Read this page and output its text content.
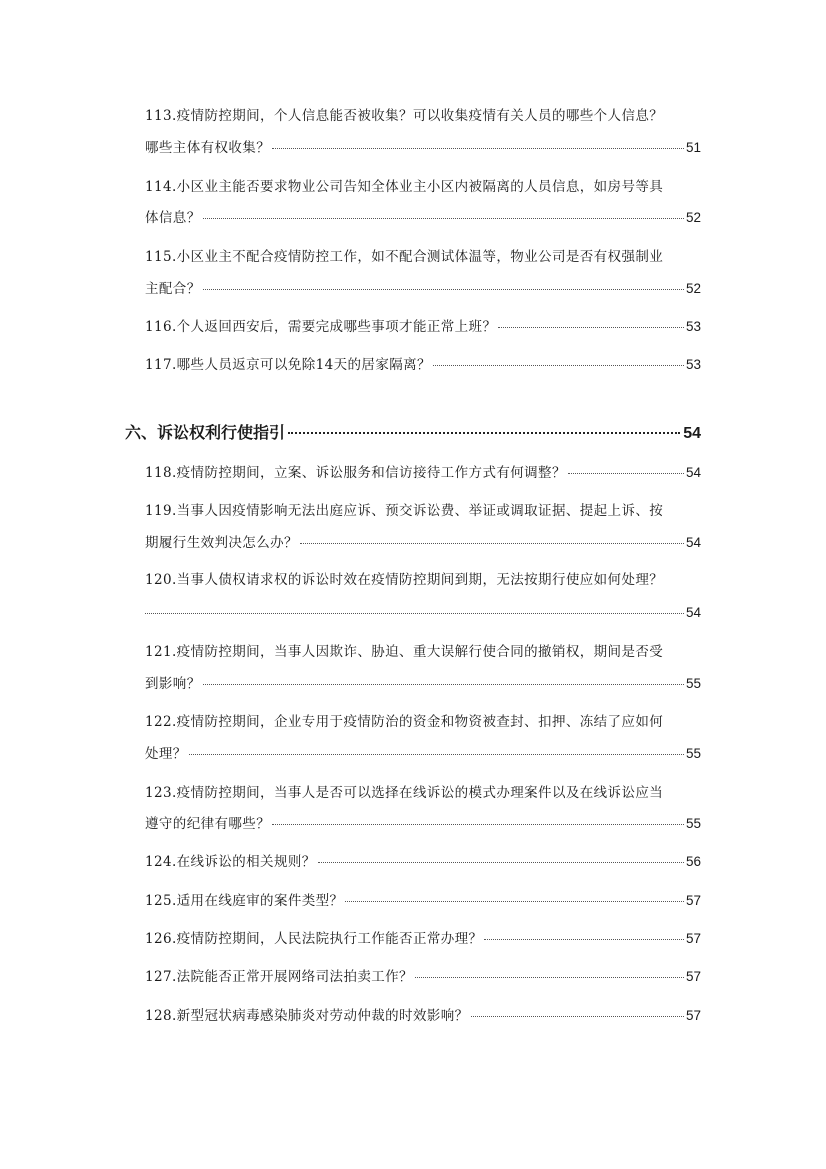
113.疫情防控期间，个人信息能否被收集？可以收集疫情有关人员的哪些个人信息？
哪些主体有权收集？	51
114.小区业主能否要求物业公司告知全体业主小区内被隔离的人员信息，如房号等具
体信息？	52
115.小区业主不配合疫情防控工作，如不配合测试体温等，物业公司是否有权强制业
主配合？	52
116.个人返回西安后，需要完成哪些事项才能正常上班？	53
117.哪些人员返京可以免除14天的居家隔离？	53
六、诉讼权利行使指引	54
118.疫情防控期间，立案、诉讼服务和信访接待工作方式有何调整？	54
119.当事人因疫情影响无法出庭应诉、预交诉讼费、举证或调取证据、提起上诉、按
期履行生效判决怎么办？	54
120.当事人债权请求权的诉讼时效在疫情防控期间到期，无法按期行使应如何处理？
54
121.疫情防控期间，当事人因欺诈、胁迫、重大误解行使合同的撤销权，期间是否受
到影响？	55
122.疫情防控期间，企业专用于疫情防治的资金和物资被查封、扣押、冻结了应如何
处理？	55
123.疫情防控期间，当事人是否可以选择在线诉讼的模式办理案件以及在线诉讼应当
遵守的纪律有哪些？	55
124.在线诉讼的相关规则？	56
125.适用在线庭审的案件类型？	57
126.疫情防控期间，人民法院执行工作能否正常办理？	57
127.法院能否正常开展网络司法拍卖工作？	57
128.新型冠状病毒感染肺炎对劳动仲裁的时效影响？	57
